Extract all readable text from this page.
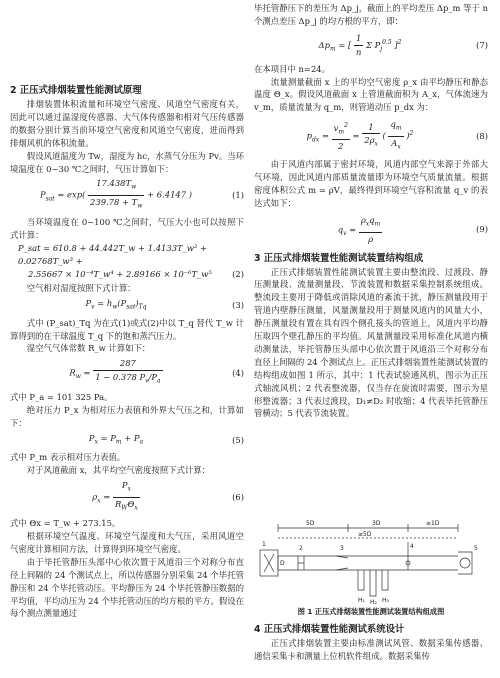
2 正压式排烟装置性能测试原理

排烟装置体积流量和环境空气密度、风道空气密度有关，因此可以通过温湿度传感器、大气体传感器和相对气压传感器的数据分别计算当前环境空气密度和风道空气密度，进而得到排烟风机的体积流量。

假设风道温度为 Tw，湿度为 hc，水蒸气分压为 Pv。当环境温度在 0~30 ℃之间时，气压计算如下：

$P_{sat} = \exp( \frac{17.438T_w}{239.78 + T_w} + 6.4147$ )	(1)

当环境温度在 0~100 ℃之间时，气压大小也可以按照下式计算：

P_sat = 610.8 + 44.442T_w + 1.4133T_w² + 0.02768T_w³ +
2.55667 × 10⁻⁴T_w⁴ + 2.89166 × 10⁻⁶T_w⁵	(2)

空气相对湿度按照下式计算：

$P_v = h_w(P_{sat})_{Tq}$	(3)

式中 (P_sat)_Tq 为在式(1)或式(2)中以 T_q 替代 T_w 计算得到的在干球温度 T_q 下的饱和蒸汽压力。

湿空气气体常数 R_w 计算如下：

$R_w = \frac{287}{1 - 0.378 P_v/P_a}$	(4)

式中 P_a = 101 325 Pa。

绝对压力 P_x 为相对压力表值和外界大气压之和，计算如下：

$P_x = P_m + P_a$	(5)

式中 P_m 表示相对压力表值。

对于风道截面 x，其平均空气密度按照下式计算：

$\rho_x = \frac{P_x}{R_W\Theta_x}$	(6)

式中 Θx = T_w + 273.15。

根据环境空气温度、环境空气湿度和大气压，采用风道空气密度计算相同方法，计算得到环境空气密度。

由于毕托管静压头部中心依次置于风道沿三个对称分布直径上间隔的 24 个测试点上，所以传感器分别采集 24 个毕托管静压和 24 个毕托管动压。平均静压为 24 个毕托管静压数据的平均值，平均动压为 24 个毕托管动压的均方根的平方。假设在每个测点测量通过

毕托管静压下的差压为 Δp_j，截面上的平均差压 Δp_m 等于 n 个测点差压 Δp_j 的均方根的平方，即：

$\Delta p_m$ = [ $\frac{1}{n}$ Σ $P_j^{0.5}$ ]$^2$	(7)

在本项目中 n=24。

流量测量截面 x 上的平均空气密度 ρ_x 由平均静压和静态温度 Θ_x。假设风道截面 x 上管道截面积为 A_x，气体流速为 v_m，质量流量为 q_m，则管道动压 p_dx 为：

$p_{dx} = \frac{v_m^2}{2} = \frac{1}{2\rho_x}$ ( $\frac{q_m}{A_x} )^2$	(8)

由于风道内部属于密封环境，风道内部空气来源于外部大气环境，因此风道内部质量流量即为环境空气质量流量。根据密度体积公式 m = ρV，最终得到环境空气容积流量 q_v 的表达式如下：

$q_v = \frac{\rho_xq_m}{\rho}$	(9)
3 正压式排烟装置性能测试装置结构组成

正压式排烟装置性能测试装置主要由整流段、过渡段、静压测量段、流量测量段、节流装置和数据采集控制系统组成。整流段主要用于降低或消除风道的紊流干扰，静压测量段用于管道内壁静压测量，风量测量段用于测量风道内的风量大小，静压测量段有置在具有四个侧孔接头的管道上，风道内平均静压取四个壁孔静压的平均值。风量测量段采用标准化风道内横动测量法，毕托管静压头部中心依次置于风道沿三个对称分布直径上间隔的 24 个测试点上。正压式排烟装置性能测试装置的结构组成如图 1 所示，其中：1 代表试验通风机，图示为正压式轴流风机；2 代表整流器，仅当存在旋流时需要，图示为星形整流器；3 代表过渡段，D₁≠D₂ 时收缩；4 代表毕托管静压管横动；5 代表节流装置。

1
2	3	4	5
5D	3D	≥1D
≥5D
D
H₁ H₂ H₃
图 1 正压式排烟装置性能测试装置结构组成图
4 正压式排烟装置性能测试系统设计

正压式排烟装置主要由标准测试风管、数据采集传感器、通信采集卡和测量上位机软件组成。数据采集传
